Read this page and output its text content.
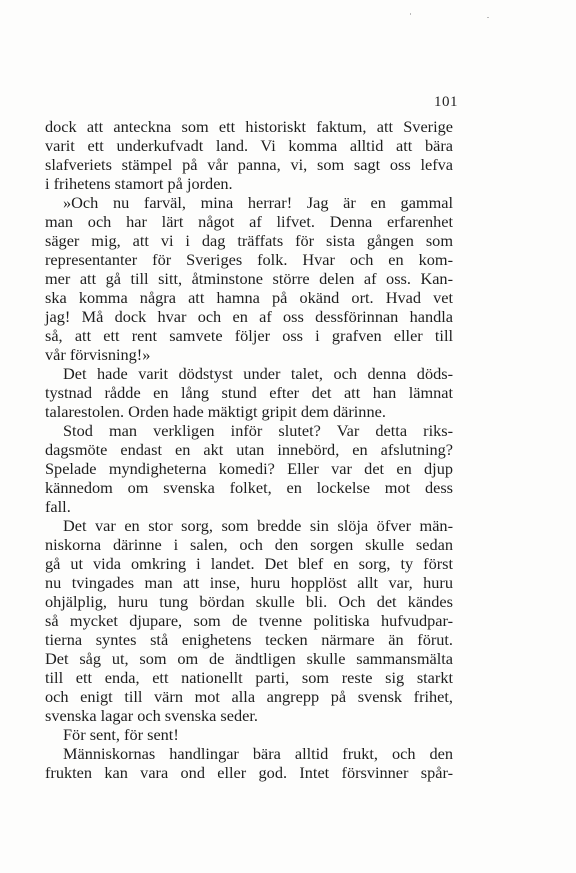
101
dock att anteckna som ett historiskt faktum, att Sverige
varit ett underkufvadt land. Vi komma alltid att bära
slafveriets stämpel på vår panna, vi, som sagt oss lefva
i frihetens stamort på jorden.
»Och nu farväl, mina herrar! Jag är en gammal
man och har lärt något af lifvet. Denna erfarenhet
säger mig, att vi i dag träffats för sista gången som
representanter för Sveriges folk. Hvar och en kom-
mer att gå till sitt, åtminstone större delen af oss. Kan-
ska komma några att hamna på okänd ort. Hvad vet
jag! Må dock hvar och en af oss dessförinnan handla
så, att ett rent samvete följer oss i grafven eller till
vår förvisning!»
Det hade varit dödstyst under talet, och denna döds-
tystnad rådde en lång stund efter det att han lämnat
talarestolen. Orden hade mäktigt gripit dem därinne.
Stod man verkligen inför slutet? Var detta riks-
dagsmöte endast en akt utan innebörd, en afslutning?
Spelade myndigheterna komedi? Eller var det en djup
kännedom om svenska folket, en lockelse mot dess
fall.
Det var en stor sorg, som bredde sin slöja öfver män-
niskorna därinne i salen, och den sorgen skulle sedan
gå ut vida omkring i landet. Det blef en sorg, ty först
nu tvingades man att inse, huru hopplöst allt var, huru
ohjälplig, huru tung bördan skulle bli. Och det kändes
så mycket djupare, som de tvenne politiska hufvudpar-
tierna syntes stå enighetens tecken närmare än förut.
Det såg ut, som om de ändtligen skulle sammansmälta
till ett enda, ett nationellt parti, som reste sig starkt
och enigt till värn mot alla angrepp på svensk frihet,
svenska lagar och svenska seder.
För sent, för sent!
Människornas handlingar bära alltid frukt, och den
frukten kan vara ond eller god. Intet försvinner spår-
